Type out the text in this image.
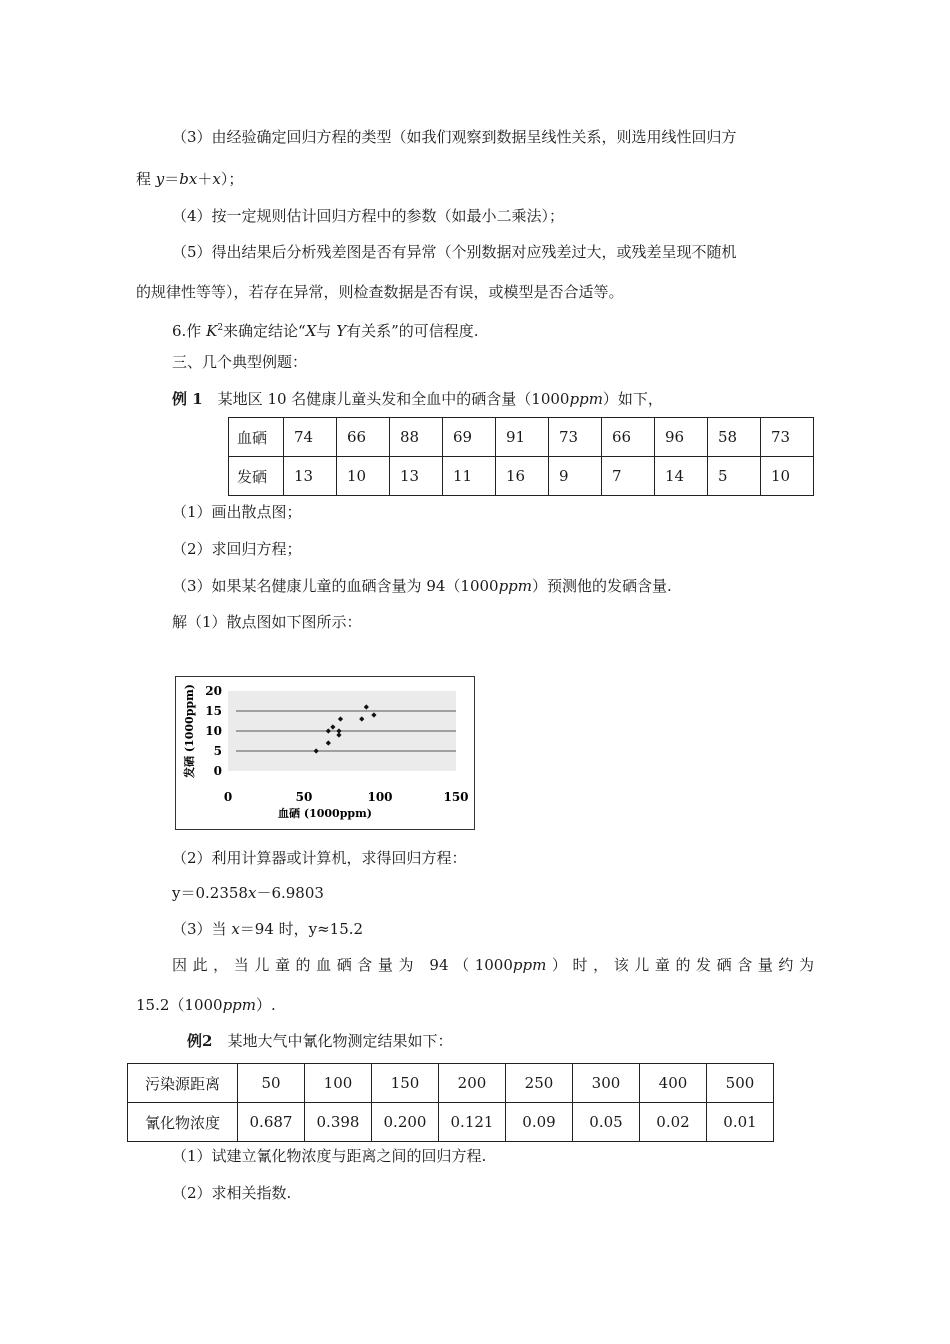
（3）由经验确定回归方程的类型（如我们观察到数据呈线性关系，则选用线性回归方
程 y＝bx＋x）；
（4）按一定规则估计回归方程中的参数（如最小二乘法）；
（5）得出结果后分析残差图是否有异常（个别数据对应残差过大，或残差呈现不随机
的规律性等等），若存在异常，则检查数据是否有误，或模型是否合适等。
6.作 $K^2$来确定结论“X与 Y有关系”的可信程度.
三、几个典型例题：
例 1　某地区 10 名健康儿童头发和全血中的硒含量（1000ppm）如下，
血硒	74	66	88	69	91	73	66	96	58	73
发硒	13	10	13	11	16	9	7	14	5	10
（1）画出散点图；
（2）求回归方程；
（3）如果某名健康儿童的血硒含量为 94（1000ppm）预测他的发硒含量.
解（1）散点图如下图所示：
0
5
10
15
20
0	50	100	150
血硒 (1000ppm)
发硒 (1000ppm)
（2）利用计算器或计算机，求得回归方程：
y＝0.2358x－6.9803
（3）当 x＝94 时，y≈15.2
因此，当儿童的血硒含量为 94（1000ppm）时，该儿童的发硒含量约为
15.2（1000ppm）.
例2　某地大气中氰化物测定结果如下：
污染源距离	50	100	150	200	250	300	400	500
氰化物浓度	0.687	0.398	0.200	0.121	0.09	0.05	0.02	0.01
（1）试建立氰化物浓度与距离之间的回归方程.
（2）求相关指数.
